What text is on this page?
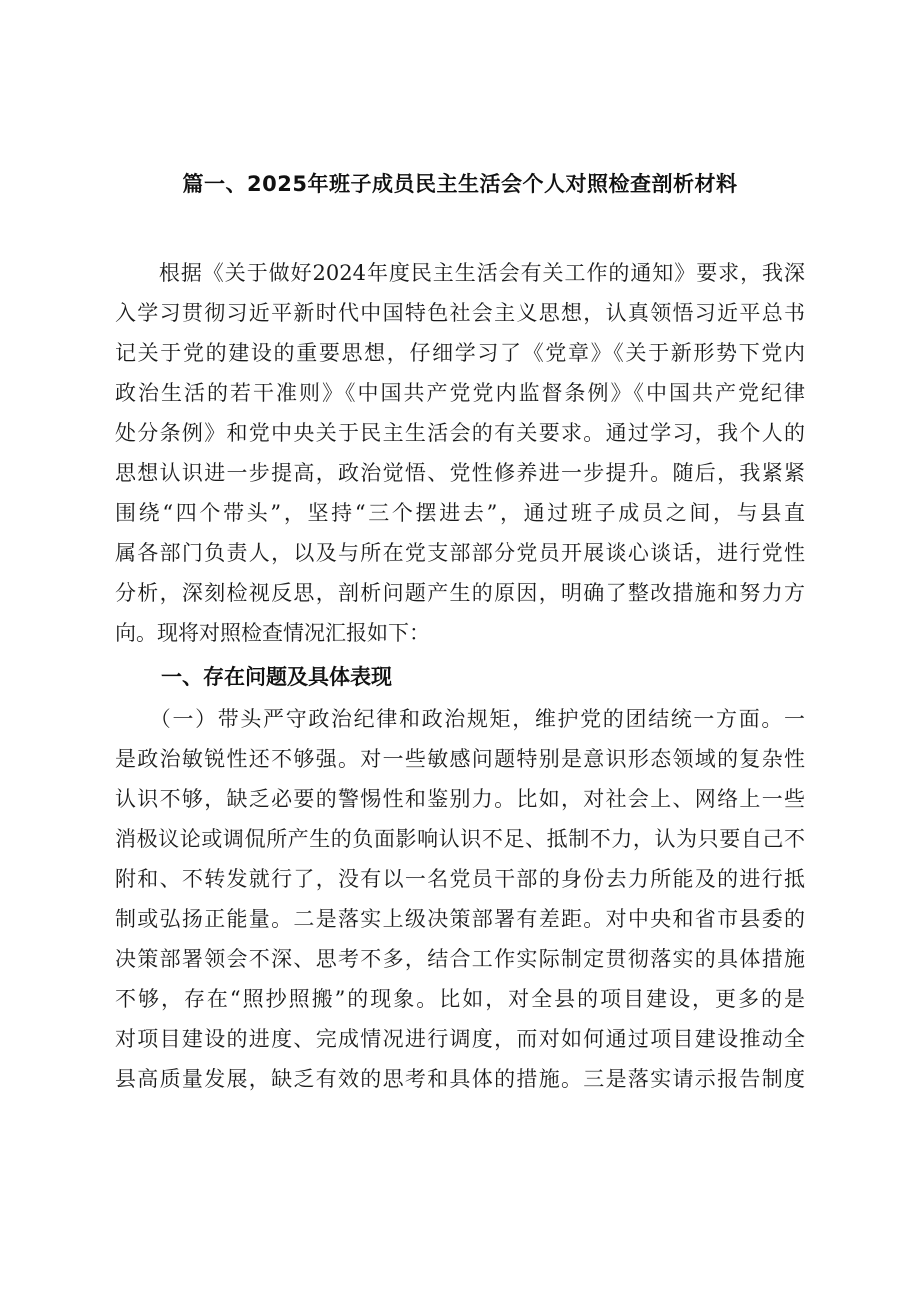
篇一、2025年班子成员民主生活会个人对照检查剖析材料
　　根据《关于做好2024年度民主生活会有关工作的通知》要求，我深
入学习贯彻习近平新时代中国特色社会主义思想，认真领悟习近平总书
记关于党的建设的重要思想，仔细学习了《党章》《关于新形势下党内
政治生活的若干准则》《中国共产党党内监督条例》《中国共产党纪律
处分条例》和党中央关于民主生活会的有关要求。通过学习，我个人的
思想认识进一步提高，政治觉悟、党性修养进一步提升。随后，我紧紧
围绕“四个带头”，坚持“三个摆进去”，通过班子成员之间，与县直
属各部门负责人，以及与所在党支部部分党员开展谈心谈话，进行党性
分析，深刻检视反思，剖析问题产生的原因，明确了整改措施和努力方
向。现将对照检查情况汇报如下：
一、存在问题及具体表现
　　（一）带头严守政治纪律和政治规矩，维护党的团结统一方面。一
是政治敏锐性还不够强。对一些敏感问题特别是意识形态领域的复杂性
认识不够，缺乏必要的警惕性和鉴别力。比如，对社会上、网络上一些
消极议论或调侃所产生的负面影响认识不足、抵制不力，认为只要自己不
附和、不转发就行了，没有以一名党员干部的身份去力所能及的进行抵
制或弘扬正能量。二是落实上级决策部署有差距。对中央和省市县委的
决策部署领会不深、思考不多，结合工作实际制定贯彻落实的具体措施
不够，存在“照抄照搬”的现象。比如，对全县的项目建设，更多的是
对项目建设的进度、完成情况进行调度，而对如何通过项目建设推动全
县高质量发展，缺乏有效的思考和具体的措施。三是落实请示报告制度
